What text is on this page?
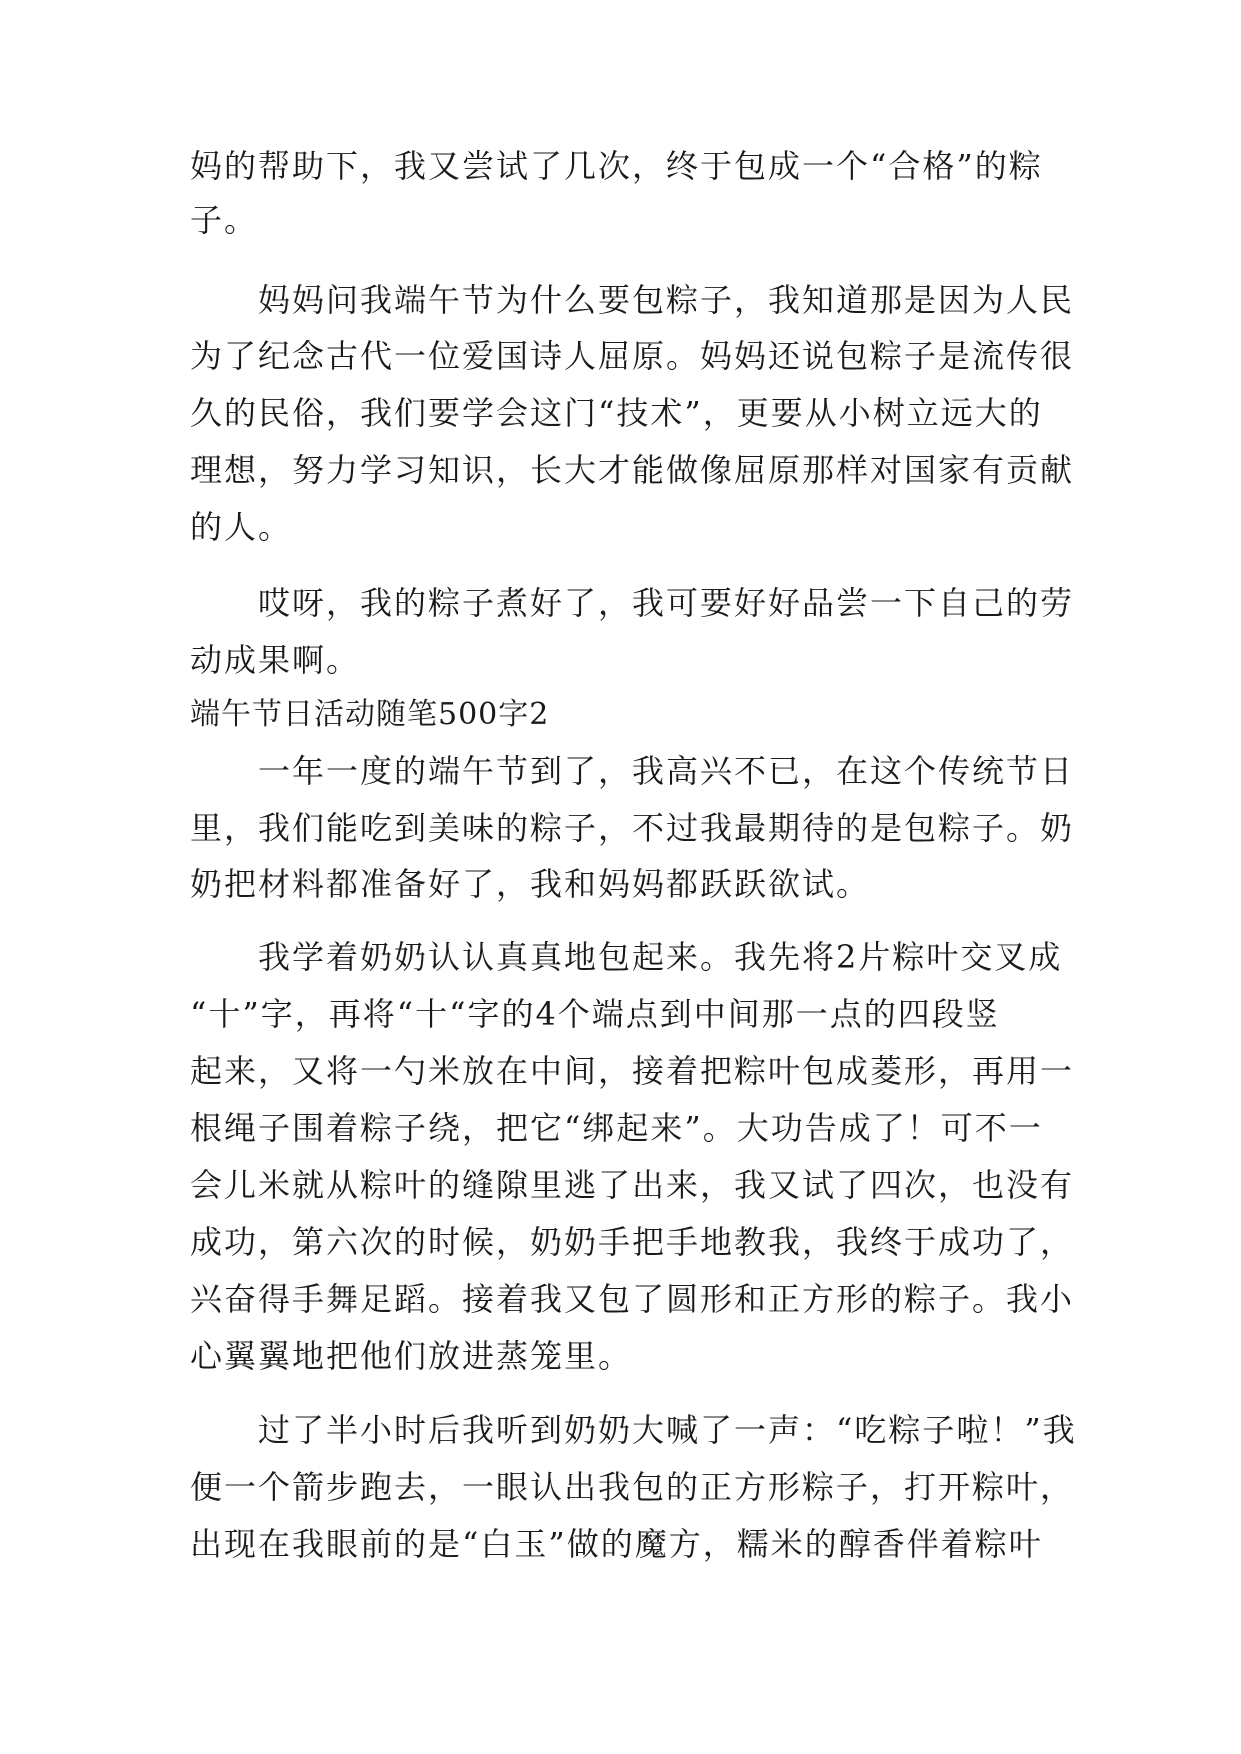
妈的帮助下，我又尝试了几次，终于包成一个“合格”的粽
子。
妈妈问我端午节为什么要包粽子，我知道那是因为人民
为了纪念古代一位爱国诗人屈原。妈妈还说包粽子是流传很
久的民俗，我们要学会这门“技术”，更要从小树立远大的
理想，努力学习知识，长大才能做像屈原那样对国家有贡献
的人。
哎呀，我的粽子煮好了，我可要好好品尝一下自己的劳
动成果啊。
端午节日活动随笔500字2
一年一度的端午节到了，我高兴不已，在这个传统节日
里，我们能吃到美味的粽子，不过我最期待的是包粽子。奶
奶把材料都准备好了，我和妈妈都跃跃欲试。
我学着奶奶认认真真地包起来。我先将2片粽叶交叉成
“十”字，再将“十“字的4个端点到中间那一点的四段竖
起来，又将一勺米放在中间，接着把粽叶包成菱形，再用一
根绳子围着粽子绕，把它“绑起来”。大功告成了！可不一
会儿米就从粽叶的缝隙里逃了出来，我又试了四次，也没有
成功，第六次的时候，奶奶手把手地教我，我终于成功了，
兴奋得手舞足蹈。接着我又包了圆形和正方形的粽子。我小
心翼翼地把他们放进蒸笼里。
过了半小时后我听到奶奶大喊了一声：“吃粽子啦！”我
便一个箭步跑去，一眼认出我包的正方形粽子，打开粽叶，
出现在我眼前的是“白玉”做的魔方，糯米的醇香伴着粽叶
